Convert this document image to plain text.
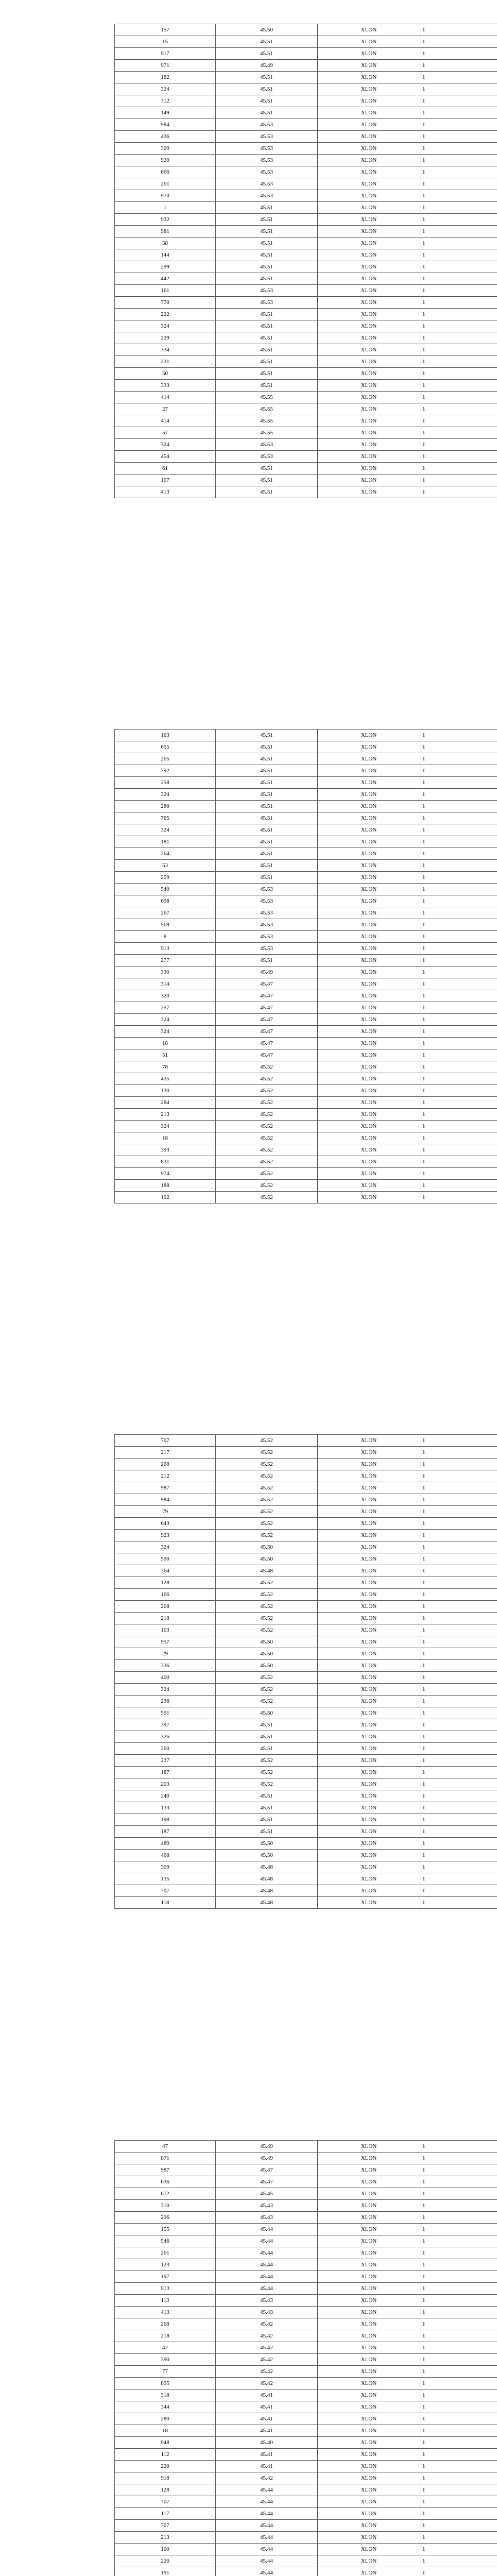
157	45.50	XLON	1
15	45.51	XLON	1
917	45.51	XLON	1
971	45.49	XLON	1
182	45.51	XLON	1
324	45.51	XLON	1
312	45.51	XLON	1
149	45.51	XLON	1
984	45.53	XLON	1
436	45.53	XLON	1
309	45.53	XLON	1
920	45.53	XLON	1
666	45.53	XLON	1
261	45.53	XLON	1
970	45.53	XLON	1
1	45.51	XLON	1
932	45.51	XLON	1
981	45.51	XLON	1
58	45.51	XLON	1
144	45.51	XLON	1
299	45.51	XLON	1
442	45.51	XLON	1
161	45.53	XLON	1
770	45.53	XLON	1
222	45.51	XLON	1
324	45.51	XLON	1
229	45.51	XLON	1
334	45.51	XLON	1
231	45.51	XLON	1
50	45.51	XLON	1
333	45.51	XLON	1
414	45.55	XLON	1
27	45.55	XLON	1
414	45.55	XLON	1
57	45.55	XLON	1
324	45.53	XLON	1
454	45.53	XLON	1
61	45.51	XLON	1
107	45.51	XLON	1
413	45.51	XLON	1
163	45.51	XLON	1
655	45.51	XLON	1
265	45.51	XLON	1
792	45.51	XLON	1
258	45.51	XLON	1
324	45.51	XLON	1
280	45.51	XLON	1
765	45.51	XLON	1
324	45.51	XLON	1
181	45.51	XLON	1
264	45.51	XLON	1
53	45.51	XLON	1
259	45.51	XLON	1
540	45.53	XLON	1
698	45.53	XLON	1
267	45.53	XLON	1
569	45.53	XLON	1
8	45.53	XLON	1
913	45.53	XLON	1
277	45.51	XLON	1
330	45.49	XLON	1
314	45.47	XLON	1
320	45.47	XLON	1
257	45.47	XLON	1
324	45.47	XLON	1
324	45.47	XLON	1
18	45.47	XLON	1
51	45.47	XLON	1
78	45.52	XLON	1
435	45.52	XLON	1
130	45.52	XLON	1
284	45.52	XLON	1
213	45.52	XLON	1
324	45.52	XLON	1
18	45.52	XLON	1
393	45.52	XLON	1
831	45.52	XLON	1
974	45.52	XLON	1
188	45.52	XLON	1
192	45.52	XLON	1
707	45.52	XLON	1
217	45.52	XLON	1
268	45.52	XLON	1
212	45.52	XLON	1
987	45.52	XLON	1
984	45.52	XLON	1
79	45.52	XLON	1
643	45.52	XLON	1
923	45.52	XLON	1
324	45.50	XLON	1
590	45.50	XLON	1
364	45.48	XLON	1
128	45.52	XLON	1
166	45.52	XLON	1
208	45.52	XLON	1
218	45.52	XLON	1
103	45.52	XLON	1
957	45.50	XLON	1
29	45.50	XLON	1
336	45.50	XLON	1
400	45.52	XLON	1
324	45.52	XLON	1
236	45.52	XLON	1
591	45.50	XLON	1
397	45.51	XLON	1
326	45.51	XLON	1
260	45.51	XLON	1
237	45.52	XLON	1
187	45.52	XLON	1
203	45.52	XLON	1
240	45.51	XLON	1
133	45.51	XLON	1
198	45.51	XLON	1
187	45.51	XLON	1
489	45.50	XLON	1
468	45.50	XLON	1
309	45.48	XLON	1
135	45.48	XLON	1
707	45.48	XLON	1
118	45.48	XLON	1
47	45.49	XLON	1
871	45.49	XLON	1
987	45.47	XLON	1
636	45.47	XLON	1
672	45.45	XLON	1
310	45.43	XLON	1
296	45.43	XLON	1
155	45.44	XLON	1
546	45.44	XLON	1
261	45.44	XLON	1
123	45.44	XLON	1
197	45.44	XLON	1
913	45.44	XLON	1
113	45.43	XLON	1
413	45.43	XLON	1
268	45.42	XLON	1
218	45.42	XLON	1
42	45.42	XLON	1
390	45.42	XLON	1
77	45.42	XLON	1
895	45.42	XLON	1
318	45.41	XLON	1
344	45.41	XLON	1
280	45.41	XLON	1
18	45.41	XLON	1
948	45.40	XLON	1
112	45.41	XLON	1
220	45.41	XLON	1
918	45.42	XLON	1
128	45.44	XLON	1
707	45.44	XLON	1
117	45.44	XLON	1
707	45.44	XLON	1
213	45.44	XLON	1
100	45.44	XLON	1
220	45.44	XLON	1
191	45.44	XLON	1
